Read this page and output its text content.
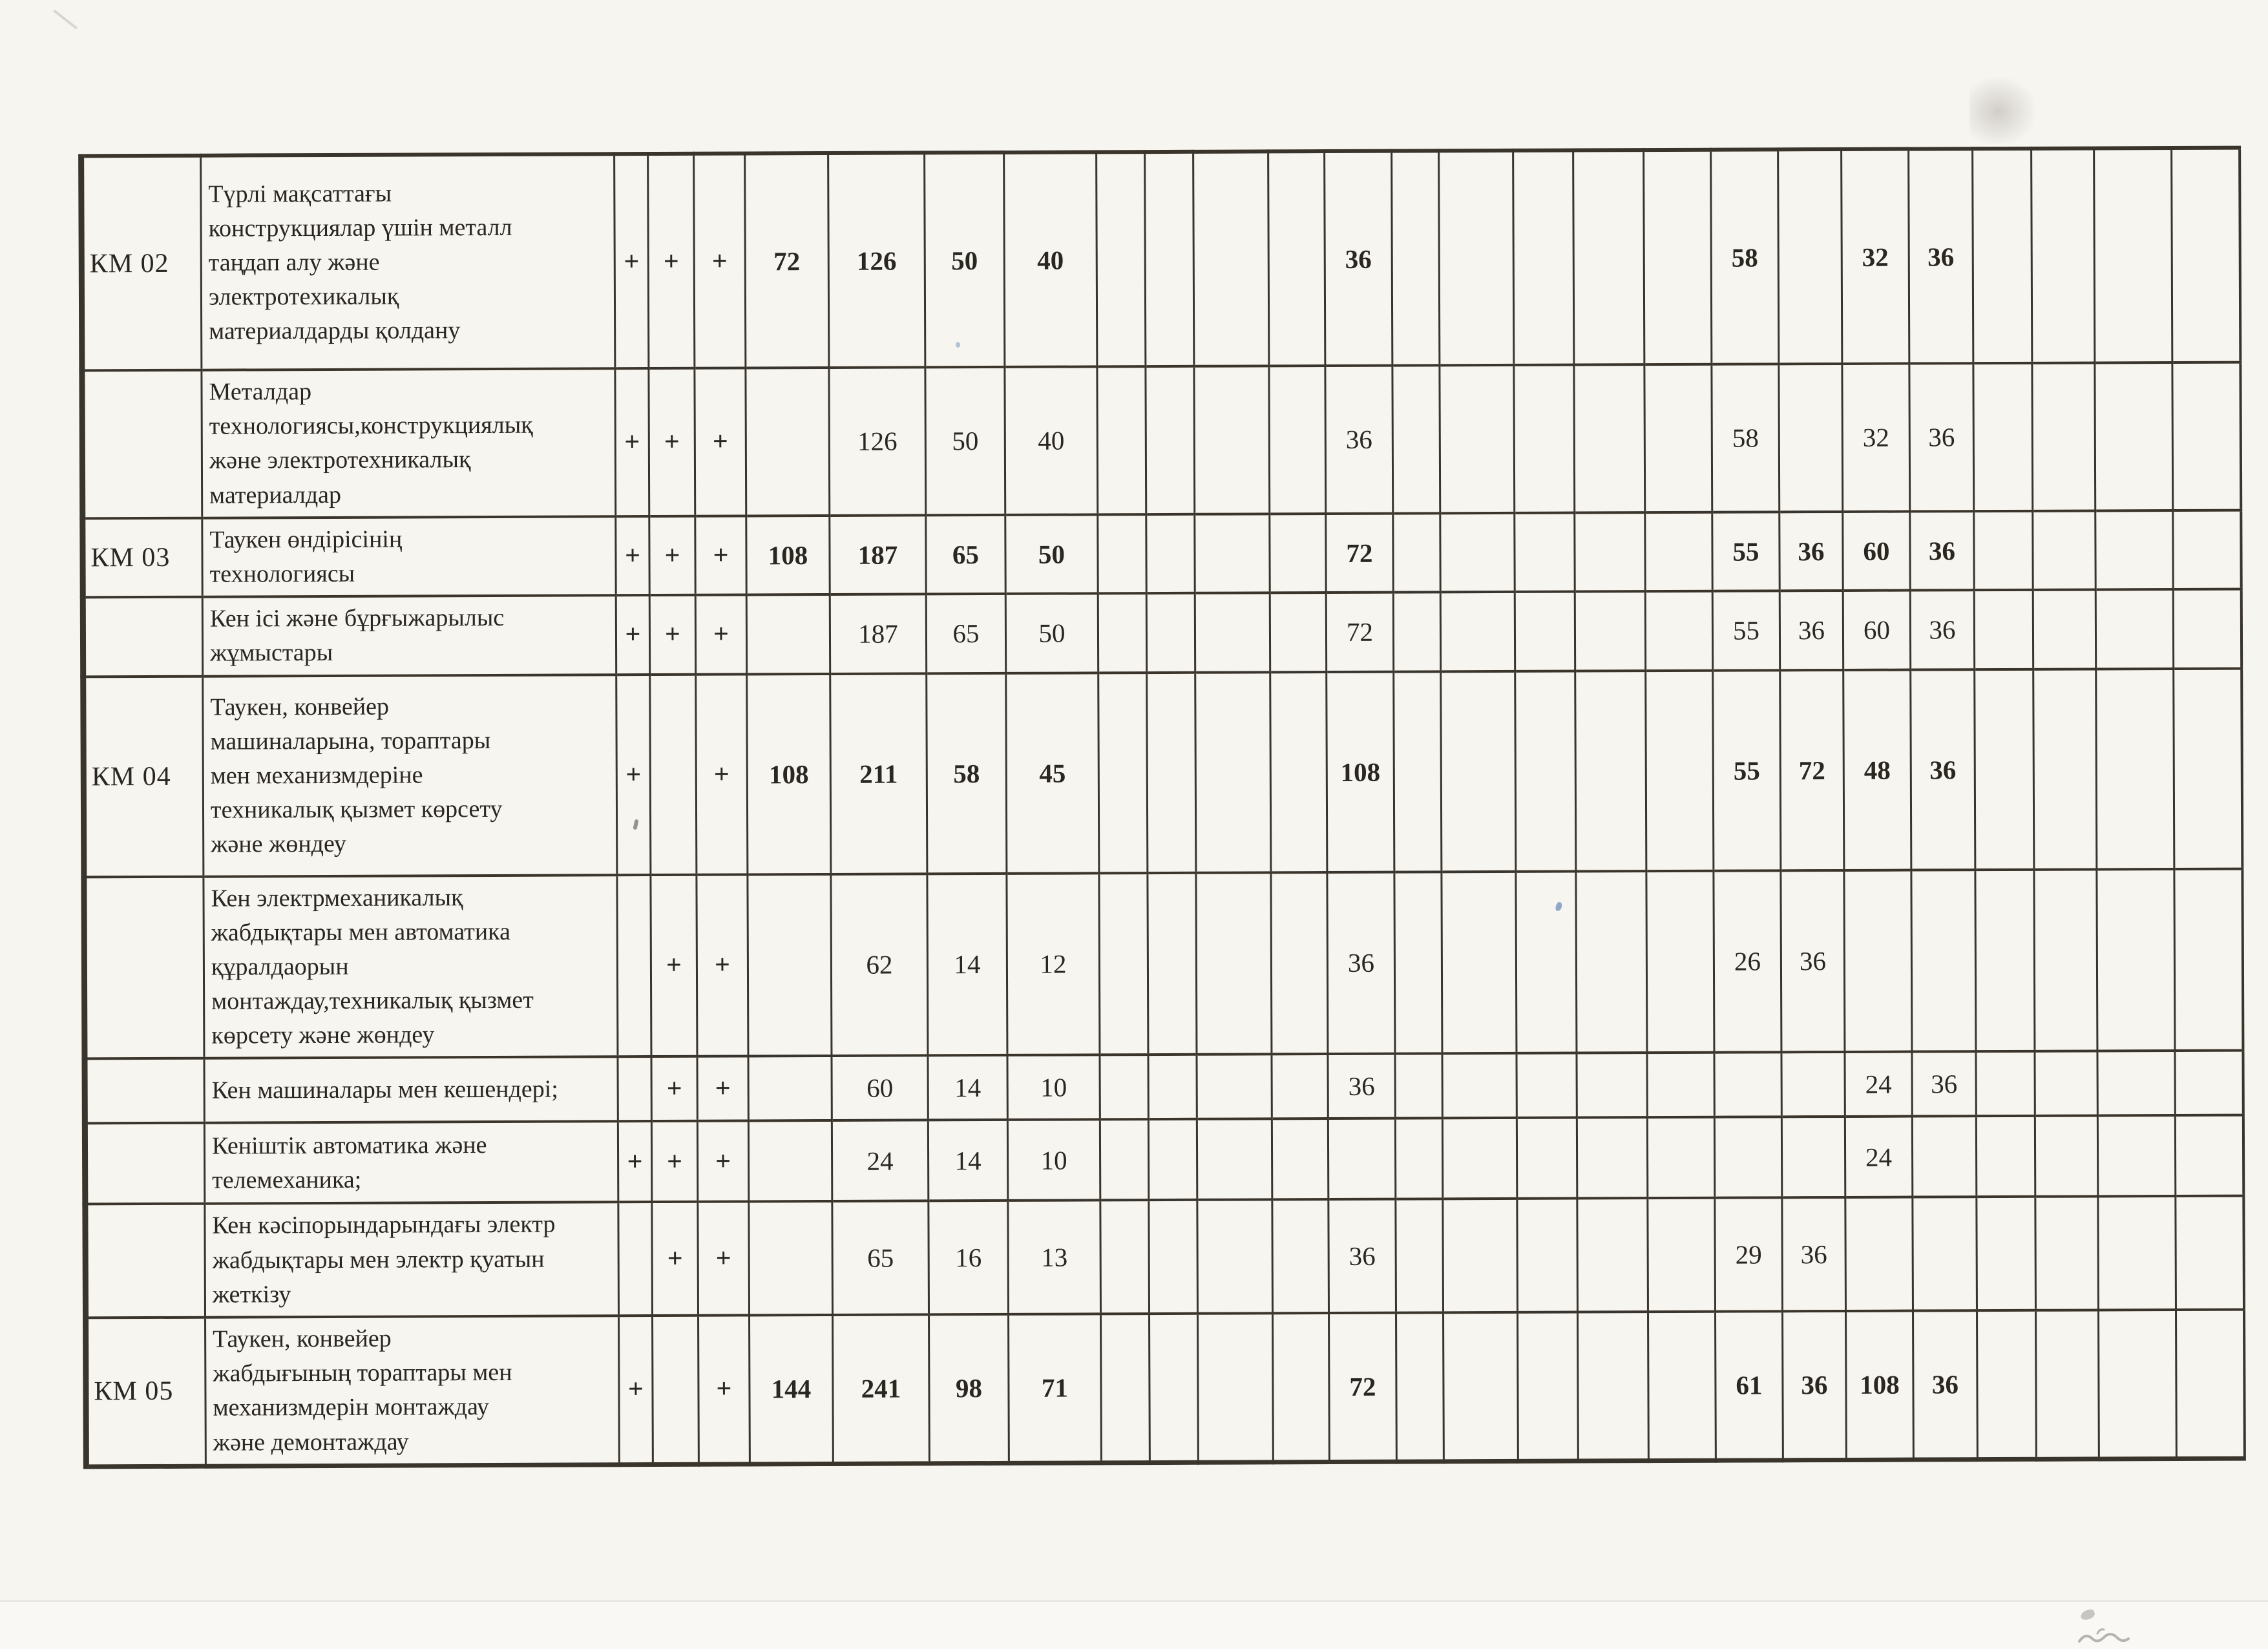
КМ 02	Түрлі мақсаттағы
конструкциялар үшін металл
таңдап алу және
электротехикалық
материалдарды қолдану	+	+	+	72	126	50	40					36						58		32	36				
	Металдар
технологиясы,конструкциялық
және электротехникалық
материалдар	+	+	+		126	50	40					36						58		32	36				
КМ 03	Таукен өндірісінің
технологиясы	+	+	+	108	187	65	50					72						55	36	60	36				
	Кен ісі және бұрғыжарылыс
жұмыстары	+	+	+		187	65	50					72						55	36	60	36				
КМ 04	Таукен, конвейер
машиналарына, тораптары
мен механизмдеріне
техникалық қызмет көрсету
және жөндеу	+		+	108	211	58	45					108						55	72	48	36				
	Кен электрмеханикалық
жабдықтары мен автоматика
құралдаорын
монтаждау,техникалық қызмет
көрсету және жөндеу		+	+		62	14	12					36						26	36						
	Кен машиналары мен кешендері;		+	+		60	14	10					36								24	36				
	Кеніштік автоматика және
телемеханика;	+	+	+		24	14	10													24					
	Кен кәсіпорындарындағы электр
жабдықтары мен электр қуатын
жеткізу		+	+		65	16	13					36						29	36						
КМ 05	Таукен, конвейер
жабдығының тораптары мен
механизмдерін монтаждау
және демонтаждау	+		+	144	241	98	71					72						61	36	108	36				
